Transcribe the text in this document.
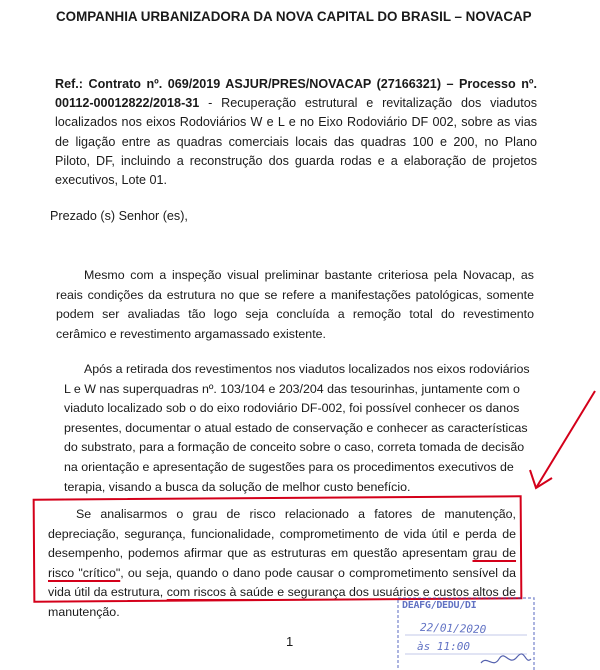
COMPANHIA URBANIZADORA DA NOVA CAPITAL DO BRASIL – NOVACAP
Ref.: Contrato nº. 069/2019 ASJUR/PRES/NOVACAP (27166321) – Processo nº. 00112-00012822/2018-31 - Recuperação estrutural e revitalização dos viadutos localizados nos eixos Rodoviários W e L e no Eixo Rodoviário DF 002, sobre as vias de ligação entre as quadras comerciais locais das quadras 100 e 200, no Plano Piloto, DF, incluindo a reconstrução dos guarda rodas e a elaboração de projetos executivos, Lote 01.
Prezado (s) Senhor (es),
Mesmo com a inspeção visual preliminar bastante criteriosa pela Novacap, as reais condições da estrutura no que se refere a manifestações patológicas, somente podem ser avaliadas tão logo seja concluída a remoção total do revestimento cerâmico e revestimento argamassado existente.
Após a retirada dos revestimentos nos viadutos localizados nos eixos rodoviários L e W nas superquadras nº. 103/104 e 203/204 das tesourinhas, juntamente com o viaduto localizado sob o do eixo rodoviário DF-002, foi possível conhecer os danos presentes, documentar o atual estado de conservação e conhecer as características do substrato, para a formação de conceito sobre o caso, correta tomada de decisão na orientação e apresentação de sugestões para os procedimentos executivos de terapia, visando a busca da solução de melhor custo benefício.
Se analisarmos o grau de risco relacionado a fatores de manutenção, depreciação, segurança, funcionalidade, comprometimento de vida útil e perda de desempenho, podemos afirmar que as estruturas em questão apresentam grau de risco "crítico", ou seja, quando o dano pode causar o comprometimento sensível da vida útil da estrutura, com riscos à saúde e segurança dos usuários e custos altos de manutenção.
1
DEAFG/DEDU/DI
22/01/2020
às 11:00
